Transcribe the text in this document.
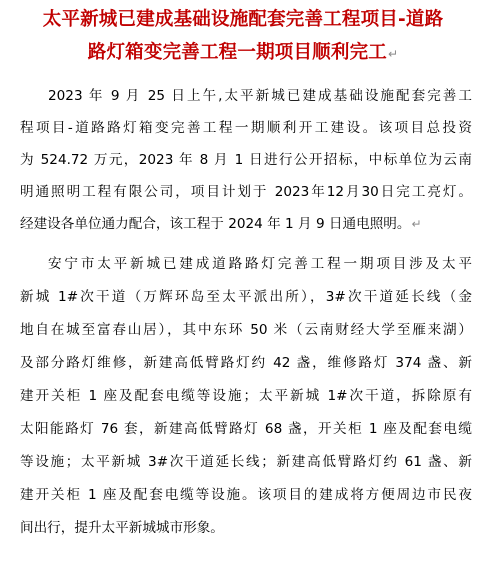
太平新城已建成基础设施配套完善工程项目-道路
路灯箱变完善工程一期项目顺利完工↵
2023 年 9 月 25 日上午,太平新城已建成基础设施配套完善工
程项目-道路路灯箱变完善工程一期顺利开工建设。该项目总投资
为 524.72 万元，2023 年 8 月 1 日进行公开招标，中标单位为云南
明通照明工程有限公司，项目计划于 2023年12月30日完工亮灯。
经建设各单位通力配合，该工程于 2024 年 1 月 9 日通电照明。↵
安宁市太平新城已建成道路路灯完善工程一期项目涉及太平
新城 1#次干道（万辉环岛至太平派出所），3#次干道延长线（金
地自在城至富春山居），其中东环 50 米（云南财经大学至雁来湖）
及部分路灯维修，新建高低臂路灯约 42 盏，维修路灯 374 盏、新
建开关柜 1 座及配套电缆等设施；太平新城 1#次干道，拆除原有
太阳能路灯 76 套，新建高低臂路灯 68 盏，开关柜 1 座及配套电缆
等设施；太平新城 3#次干道延长线；新建高低臂路灯约 61 盏、新
建开关柜 1 座及配套电缆等设施。该项目的建成将方便周边市民夜
间出行，提升太平新城城市形象。
